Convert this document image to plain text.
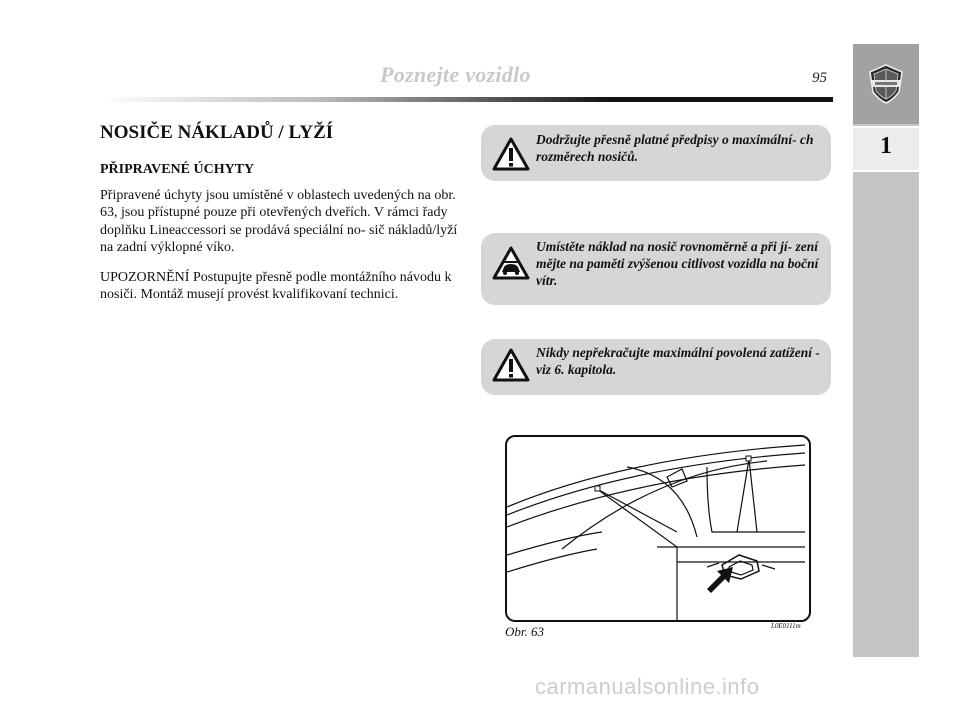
Poznejte vozidlo	95
1
NOSIČE NÁKLADŮ / LYŽÍ
PŘIPRAVENÉ ÚCHYTY
Připravené úchyty jsou umístěné v oblastech uvedených na obr. 63, jsou přístupné pouze při otevřených dveřích. V rámci řady doplňku Lineaccessori se prodává speciální no- sič nákladů/lyží na zadní výklopné víko.
UPOZORNĚNÍ Postupujte přesně podle montážního návodu k nosiči. Montáž musejí provést kvalifikovaní technici.
Dodržujte přesně platné předpisy o maximální- ch rozměrech nosičů.
Umístěte náklad na nosič rovnoměrně a při jí- zení mějte na paměti zvýšenou citlivost vozidla na boční vítr.
Nikdy nepřekračujte maximální povolená zatížení - viz 6. kapitola.
Obr. 63	L0E0111m
carmanualsonline.info
